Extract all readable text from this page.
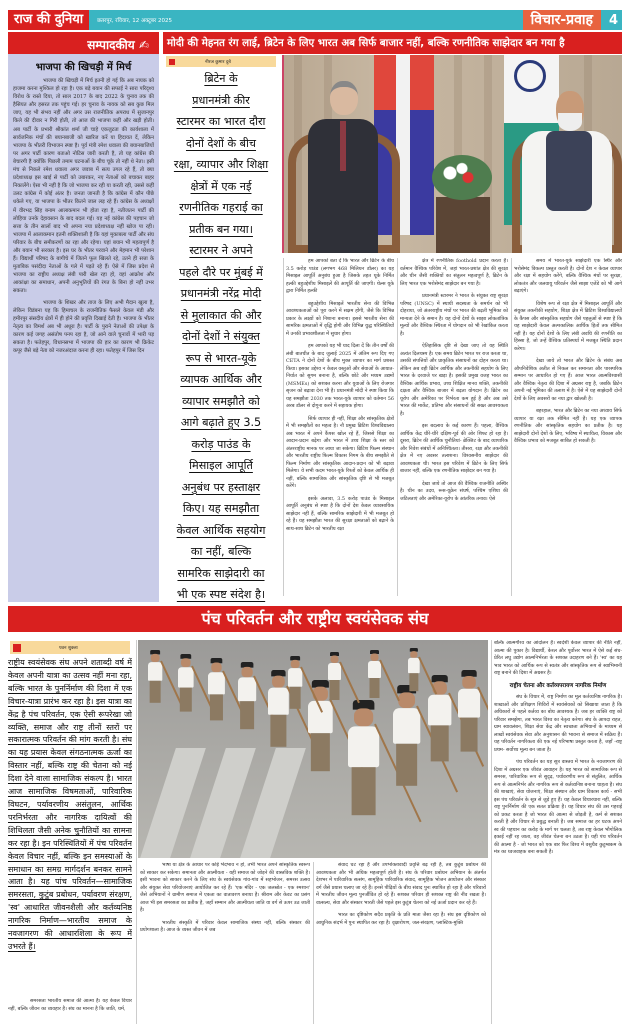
राज की दुनिया	छतरपुर, रविवार, 12 अक्टूबर 2025	विचार-प्रवाह	4
सम्पादकीय ✍
भाजपा की खिचड़ी में मिर्च

भाजपा की खिचड़ी में मिर्च इतनी हो गई कि अब नायक को हाजमा करना मुश्किल हो रहा है। एक बड़े बयान की सफाई ने सारा परिदृश्य विरोध के रास्ते दिया, तो साल 2017 के बाद 2022 के चुनाव तक की हैसियत और हसरत तक पहुंच गई। हर चुनाव के नायक को सब कुछ मिल जाए, यह भी संभव नहीं और अगर उस राजनीतिक अपराध में सुजानपुर किले की दीवार न गिरी होती, तो आज की भाजपा कहीं और खड़ी होती। अब पार्टी के प्रभारी श्रीकांत शर्मा जी चाहे एकजुटता की कार्यशाला में सार्वजनिक मंचों की बयानबाजी को खारिज करें या हिदायत दें, लेकिन भाजपा के भीतरी विभाजन स्पष्ट है। पूर्व मंत्री रमेश धवाला की बयानबाजियों पर अगर पार्टी कारण बताओ नोटिस जारी करती है, तो यह कांग्रेस की बेचारगी है क्योंकि पिछली तमाम घटनाओं के बीच चूके तो नहीं थे नेता। इसी मंच से निकले रमेश धवाला अगर जवाब में सत्य उगल रहे हैं, तो क्या प्रदेशाध्यक्ष इस खाई से पार्टी को उबारकर, नए नेताओं को बचाकर बाहर निकालेंगे। ऐसा भी नहीं है कि जो भाजपा कर रही या करती रही, उससे कहीं उलट कांग्रेस में कोई अंतर है। जनता जानती है कि कांग्रेस में कौन पीछे धकेले गए, या भाजपा के भीतर कितने जाल लड़ रहे हैं। कांग्रेस के अध्यक्षों में वीरभद्र सिंह बनाम आलाकमान भी होता रहा है, नतीजतन पार्टी की लोहिया उनके देहावसान के बाद बदल गई। यह नई कांग्रेस की पहचान जो सत्ता के तीन सालों बाद भी अपना नया प्रदेशाध्यक्ष नहीं खोज पा रही। भाजपा में आलाकमान इतनी शक्तिशाली है कि यहां मुकाबला पार्टी और संघ परिवार के बीच समीकरणों का रहा और रहेगा। यहां बयान भी महत्वपूर्ण है और बयान भी सरकार है। इस घर के भीतर परवाने और मेहमान भी परेशान हैं। विद्यार्थी परिषद के बागीचे में जितने फूल खिलते रहे, उतने ही सत्ता के मुताबिक पसंदीदा नेताओं के गले में पड़ते रहे हैं। ऐसे में जिस प्रदेश से भाजपा का राष्ट्रीय अध्यक्ष लंबी पारी खेल रहा हो, वहां आक्रोश और आकांक्षा का समाधान, अपनी अनुभूतियों की रंगत के बिना हो नहीं उभर सकता।

भाजपा के शिखर और ताज के लिए अभी मैदान खुला है, लेकिन विडंबना यह कि हिमाचल के राजनीतिक फैसले केवल मंडी और हमीरपुर संसदीय क्षेत्रों में ही होने की प्रवृत्ति दिखाई देती है। भाजपा के भीतर नेतृत्व का विमर्श अब भी अधूरा है। पार्टी के पुराने नेताओं की उपेक्षा के कारण कई जगह असंतोष पनप रहा है, जो आने वाले चुनावों में भारी पड़ सकता है। फतेहपुर, विधानसभा में भाजपा की हार का कारण भी क्रिकेट कपूर जैसे बड़े नेता को नजरअंदाज करना ही रहा। फतेहपुर में जिस दिन

मोदी की मेहनत रंग लाई, ब्रिटेन के लिए भारत अब सिर्फ बाजार नहीं, बल्कि रणनीतिक साझेदार बन गया है
नीरज कुमार दुबे
ब्रिटेन के
प्रधानमंत्री कीर
स्टारमर का भारत दौरा
दोनों देशों के बीच
रक्षा, व्यापार और शिक्षा
क्षेत्रों में एक नई
रणनीतिक गहराई का
प्रतीक बन गया।
स्टारमर ने अपने
पहले दौरे पर मुंबई में
प्रधानमंत्री नरेंद्र मोदी
से मुलाकात की और
दोनों देशों ने संयुक्त
रूप से भारत-यूके
व्यापक आर्थिक और
व्यापार समझौते को
आगे बढ़ाते हुए 3.5
करोड़ पाउंड के
मिसाइल आपूर्ति
अनुबंध पर हस्ताक्षर
किए। यह समझौता
केवल आर्थिक सहयोग
का नहीं, बल्कि
सामरिक साझेदारी का
भी एक स्पष्ट संदेश है।

हम आपको बता दें कि भारत और ब्रिटेन के बीच 3.5 करोड़ पाउंड (लगभग 468 मिलियन डॉलर) का यह मिसाइल आपूर्ति अनुबंध हुआ है जिसके तहत यूके निर्मित हल्की बहुउद्देशीय मिसाइलें की आपूर्ति की जाएगी। थेल्स यूके द्वारा निर्मित हल्की

बहुउद्देशीय मिसाइलें भारतीय सेना की विभिन्न आवश्यकताओं को पूरा करने में सक्षम होंगी, जैसे कि विभिन्न प्रकार के लक्ष्यों को निशाना बनाना। इससे भारतीय सेना की सामरिक क्षमताओं में वृद्धि होगी और विभिन्न युद्ध परिस्थितियों में उनकी प्रभावशीलता में सुधार होगा।

हम आपको यह भी याद दिला दें कि तीन वर्षों की लंबी बातचीत के बाद जुलाई 2025 में अंतिम रूप दिए गए CETA ने दोनों देशों के बीच मुक्त व्यापार का मार्ग प्रशस्त किया। इसका उद्देश्य न केवल वस्तुओं और सेवाओं के आयात-निर्यात को सुगम बनाना है, बल्कि छोटे और मध्यम उद्यमों (MSMEs) को सशक्त करना और युवाओं के लिए रोजगार सृजन को बढ़ावा देना भी है। प्रधानमंत्री मोदी ने स्पष्ट किया कि यह समझौता 2030 तक भारत-यूके व्यापार को वर्तमान 56 अरब डॉलर से दोगुना करने में सहायक होगा।

सिर्फ व्यापार ही नहीं, शिक्षा और सांस्कृतिक क्षेत्रों में भी समझौतों का महत्व है। नौ प्रमुख ब्रिटिश विश्वविद्यालय अब भारत में अपने कैंपस खोल रहे हैं, जिससे शिक्षा का आदान-प्रदान बढ़ेगा और भारत में उच्च शिक्षा के स्तर को अंतरराष्ट्रीय मानक पर लाया जा सकेगा। ब्रिटिश फिल्म संस्थान और भारतीय राष्ट्रीय फिल्म विकास निगम के बीच समझौते से फिल्म निर्माण और सांस्कृतिक आदान-प्रदान को भी बढ़ावा मिलेगा। ये सभी कदम भारत-यूके रिश्तों को केवल आर्थिक ही नहीं, बल्कि सामाजिक और सांस्कृतिक दृष्टि से भी मजबूत करेंगे।

इसके अलावा, 3.5 करोड़ पाउंड के मिसाइल आपूर्ति अनुबंध से स्पष्ट है कि दोनों देश केवल व्यावसायिक साझेदार नहीं हैं, बल्कि सामरिक साझेदारी में भी मजबूत हो रहे हैं। यह समझौता भारत की सुरक्षा क्षमताओं को बढ़ाने के साथ-साथ ब्रिटेन को भारतीय रक्षा

क्षेत्र में रणनीतिक foothold प्रदान करता है। वर्तमान वैश्विक परिवेश में, जहां भारत-प्रशांत क्षेत्र की सुरक्षा और चीन जैसी शक्तियों का संतुलन महत्वपूर्ण है, ब्रिटेन के लिए भारत एक भरोसेमंद साझेदार बन गया है।

प्रधानमंत्री स्टारमर ने भारत के संयुक्त राष्ट्र सुरक्षा परिषद (UNSC) में स्थायी सदस्यता के समर्थन को भी दोहराया, जो अंतरराष्ट्रीय मंचों पर भारत की बढ़ती भूमिका को मान्यता देने के समान है। यह दोनों देशों के साझा लोकतांत्रिक मूल्यों और वैश्विक स्थिरता में योगदान को भी रेखांकित करता है।

ऐतिहासिक दृष्टि से देखा जाए तो यह स्थिति अत्यंत दिलचस्प है। एक समय ब्रिटेन भारत पर राज करता था, उसकी संपत्तियों और प्राकृतिक संसाधनों का दोहन करता था। लेकिन अब वही ब्रिटेन आर्थिक और तकनीकी सहयोग के लिए भारत के दरवाजे पर खड़ा है। इसकी प्रमुख वजह भारत का वैश्विक आर्थिक प्रभाव, उच्च शिक्षित मानव शक्ति, तकनीकी दक्षता और वैश्विक बाजार में बढ़ता योगदान है। ब्रिटेन का यूरोप और अमेरिका पर निर्भरता कम हुई है और अब उसे भारत की मार्केट, प्रतिभा और संसाधनों की सख्त आवश्यकता है।

इस बदलाव के कई कारण हैं। पहला, वैश्विक आर्थिक केंद्र धीरे-धीरे दक्षिण-पूर्व की ओर शिफ्ट हो रहा है। दूसरा, ब्रिटेन की आर्थिक चुनौतियां- ब्रेक्जिट के बाद व्यापारिक और निवेश संबंधों में अनिश्चितता। तीसरा, रक्षा और तकनीकी क्षेत्र में नए अवसर तलाशना। विश्वसनीय साझेदार की आवश्यकता थी। भारत इस परिवेश में ब्रिटेन के लिए सिर्फ बाजार नहीं, बल्कि एक रणनीतिक साझेदार बन गया है।

देखा जाये तो आज की वैश्विक राजनीति अस्थिर है। चीन का उदय, रूस-यूक्रेन संघर्ष, पश्चिम एशिया की जटिलताएं और अमेरिका-यूरोप के आंतरिक तनाव। ऐसे

समय में भारत-यूके साझेदारी एक स्थिर और भरोसेमंद विकल्प प्रस्तुत करती है। दोनों देश न केवल व्यापार और रक्षा में सहयोग करेंगे, बल्कि वैश्विक मंचों पर सुरक्षा, लोकतंत्र और जलवायु परिवर्तन जैसे साझा एजेंडे को भी आगे बढ़ाएंगे।

विशेष रूप से रक्षा क्षेत्र में मिसाइल आपूर्ति और संयुक्त तकनीकी सहयोग, शिक्षा क्षेत्र में ब्रिटिश विश्वविद्यालयों के कैंपस और सांस्कृतिक सहयोग जैसे पहलुओं से स्पष्ट है कि यह साझेदारी केवल अल्पकालिक आर्थिक हितों तक सीमित नहीं है। यह दोनों देशों के लिए लंबी अवधि की रणनीति का हिस्सा है, जो उन्हें वैश्विक प्रतिस्पर्धा में मजबूत स्थिति प्रदान करेगा।

देखा जाये तो भारत और ब्रिटेन के संबंध अब औपनिवेशिक अतीत से निकल कर समानता और पारस्परिक सम्मान पर आधारित हो गए हैं। आज भारत आत्मविश्वासी और वैश्विक नेतृत्व की दिशा में अग्रसर राष्ट्र है, जबकि ब्रिटेन अपनी नई भूमिका की तलाश में है। ऐसे में यह साझेदारी दोनों देशों के लिए अवसरों का नया द्वार खोलती है।

बहरहाल, भारत और ब्रिटेन का नया अध्याय सिर्फ व्यापार या रक्षा तक सीमित नहीं है। यह एक व्यापक रणनीतिक और सांस्कृतिक सहयोग का प्रतीक है। यह साझेदारी दोनों देशों के लिए, भविष्य में स्थायित्व, विकास और वैश्विक प्रभाव को मजबूत साबित हो सकती है।

पंच परिवर्तन और राष्ट्रीय स्वयंसेवक संघ
पवन शुक्ला
राष्ट्रीय स्वयंसेवक संघ अपने शताब्दी वर्ष में केवल अपनी यात्रा का उत्सव नहीं मना रहा, बल्कि भारत के पुनर्निर्माण की दिशा में एक विचार-यात्रा प्रारंभ कर रहा है। इस यात्रा का केंद्र है पंच परिवर्तन, एक ऐसी रूपरेखा जो व्यक्ति, समाज और राष्ट्र तीनों स्तरों पर सकारात्मक परिवर्तन की मांग करती है। संघ का यह प्रयास केवल संगठनात्मक ऊर्जा का विस्तार नहीं, बल्कि राष्ट्र की चेतना को नई दिशा देने वाला सामाजिक संकल्प है। भारत आज सामाजिक विषमताओं, पारिवारिक विघटन, पर्यावरणीय असंतुलन, आर्थिक परनिर्भरता और नागरिक दायित्वों की शिथिलता जैसी अनेक चुनौतियों का सामना कर रहा है। इन परिस्थितियों में पंच परिवर्तन केवल विचार नहीं, बल्कि इन समस्याओं के समाधान का समग्र मार्गदर्शन बनकर सामने आता है। यह पांच परिवर्तन—सामाजिक समरसता, कुटुंब प्रबोधन, पर्यावरण संरक्षण, 'स्व' आधारित जीवनशैली और कर्तव्यनिष्ठ नागरिक निर्माण—भारतीय समाज के नवजागरण की आधारशिला के रूप में उभरते हैं।

समरसता भारतीय समाज की आत्मा है। यह केवल विचार नहीं, बल्कि जीवन का व्यवहार है। संघ का मानना है कि जाति, धर्म,

भाषा या क्षेत्र के आधार पर कोई भेदभाव न हो, तभी भारत अपने सांस्कृतिक स्वरूप को साकार कर सकेगा। समानता और आत्मीयता - यही समाज को जोड़ने की वास्तविक शक्ति है। इसी भावना को साकार करने के लिए संघ के स्वयंसेवक गांव-गांव में सहभोजन, समरस उत्सव और संयुक्त सेवा परियोजनाएं आयोजित कर रहे हैं। 'एक मंदिर - एक जलस्रोत - एक श्मशान' जैसे अभियानों ने ग्रामीण समाज में एकता का वातावरण बनाया है। श्रीराम और केवट का प्रसंग आज भी इस समरसता का प्रतीक है, जहाँ सम्मान और आत्मीयता जाति या वर्ग से ऊपर उठ जाती है।

भारतीय संस्कृति में परिवार केवल सामाजिक संस्था नहीं, बल्कि संस्कार की प्रयोगशाला है। आज के व्यस्त जीवन में जब

संवाद घट रहा है और उपभोक्तावादी प्रवृत्ति बढ़ रही है, तब कुटुंब प्रबोधन की आवश्यकता और भी अधिक महत्वपूर्ण होती है। संघ के परिवार प्रबोधन अभियान के अंतर्गत देशभर में पारिवारिक सत्संग, सामूहिक पारिवारिक संवाद, सामूहिक भोजन आयोजन और संस्कार वर्ग जैसे प्रयास चलाए जा रहे हैं। इनसे पीढ़ियों के बीच संवाद पुनः स्थापित हो रहा है और परिवारों में भारतीय जीवन मूल्य पुनर्जीवित हो रहे हैं। सशक्त परिवार ही सशक्त राष्ट्र की नींव रखता है। वात्सल्य, सेवा और संस्कार भारती जैसे पहले इस कुटुंब चेतना को नई ऊर्जा प्रदान कर रहे हैं।

भारत का दृष्टिकोण सदैव प्रकृति के प्रति माता जैसा रहा है। संघ इस दृष्टिकोण को आधुनिक संदर्भ में पुनः स्थापित कर रहा है। वृक्षारोपण, जल-संरक्षण, प्लास्टिक-मुक्ति

बल्कि आत्मगौरव का आंदोलन है। स्वदेशी केवल व्यापार की नीति नहीं, आत्मा की पुकार है। विद्यार्थी, केरल और पूर्वोत्तर भारत में ऐसे कई संघ-प्रेरित लघु उद्योग आत्मनिर्भरता के सशक्त उदाहरण बने हैं। 'स्व' का यह भाव भारत को आर्थिक रूप से स्वतंत्र और सांस्कृतिक रूप से स्वाभिमानी राष्ट्र बनाने की दिशा में अग्रसर है।

राष्ट्रीय चेतना और कर्तव्यपरायण नागरिक निर्माण

संघ के विचार में, राष्ट्र निर्माण का मूल कर्तव्यनिष्ठ नागरिक है। शाखाओं और प्रशिक्षण शिविरों में स्वयंसेवकों को सिखाया जाता है कि अधिकारों से पहले कर्तव्य का बोध आवश्यक है। जब हर व्यक्ति राष्ट्र को परिवार समझेगा, तब भारत विश्व का नेतृत्व करेगा। संघ के आपदा राहत, ग्राम स्वावलंबन, शिक्षा सेवा केंद्र और स्वच्छता अभियानों के माध्यम से लाखों स्वयंसेवक सेवा और अनुशासन की भावना से समाज में सक्रिय हैं। यह परिवर्तन नागरिकता की एक नई परिभाषा प्रस्तुत करता है, जहाँ -राष्ट्र प्रथम- सर्वोच्च मूल्य बन जाता है।

पंच परिवर्तन का यह सूत्र वास्तव में भारत के नवजागरण की दिशा में अग्रसर एक जीवंत आवाहन है। यह भारत को सामाजिक रूप से समरस, पारिवारिक रूप से सुदृढ़, पर्यावरणीय रूप से संतुलित, आर्थिक रूप से आत्मनिर्भर और नागरिक रूप से कर्तव्यनिष्ठ बनाना चाहता है। संघ की शाखाएं, सेवा योजनाएं, शिक्षा संस्थान और ग्राम विकास कार्य - सभी इस पंच परिवर्तन के सूत्र से जुड़े हुए हैं। यह केवल विचारधारा नहीं, बल्कि राष्ट्र पुनर्निर्माण की एक सतत प्रक्रिया है। यह विचार संघ की उस गहराई को प्रकट करता है जो भारत की आत्मा से जोड़ती है, कर्म से सशक्त करती है और विचार से प्रबुद्ध बनाती है। जब समाज का हर घटक अपने स्व की पहचान का करोड़ के मार्ग पर चलता है, तब राष्ट्र केवल भौगोलिक इकाई नहीं रह जाता, वह जीवंत चेतना बन उठता है। यही पंच परिवर्तन की आत्मा है - जो भारत को एक बार फिर विश्व में वसुधैव कुटुम्बकम के मंत्र का ध्वजवाहक बना सकती है।
